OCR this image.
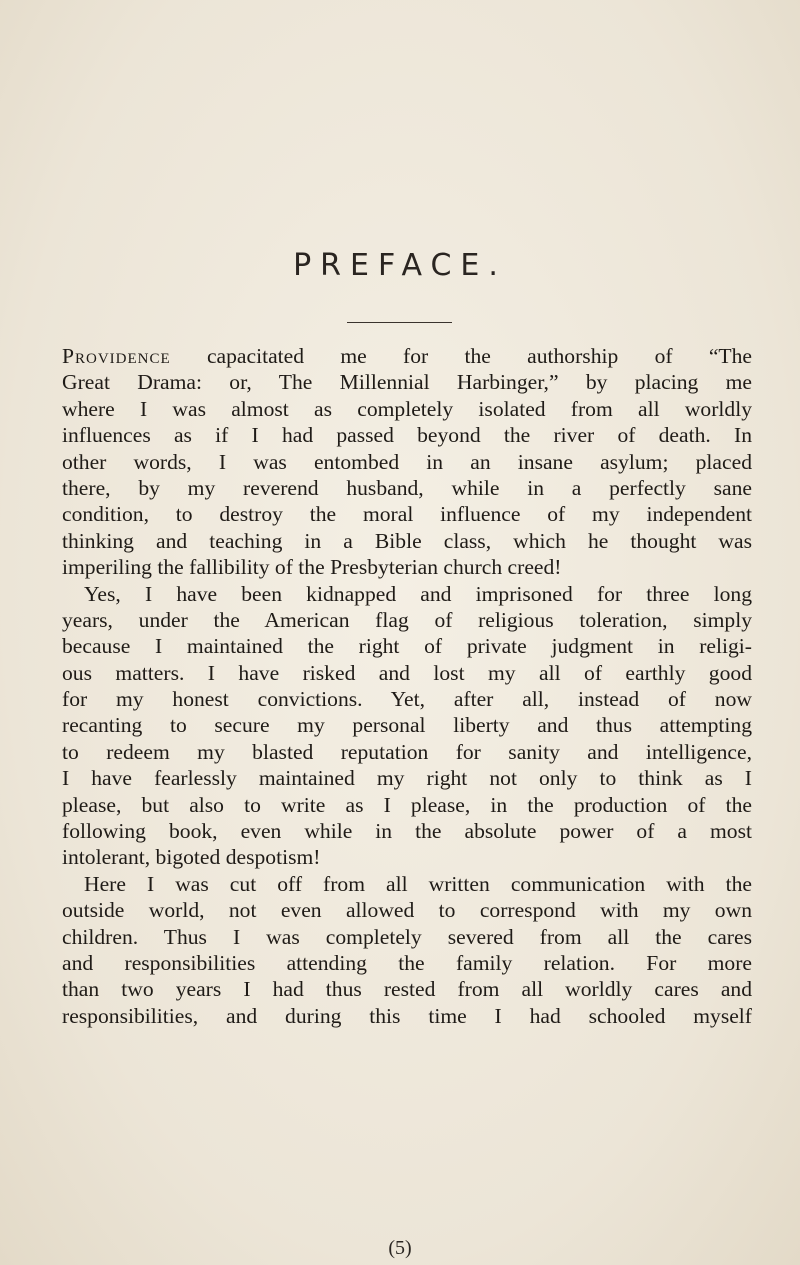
PREFACE.
Providence capacitated me for the authorship of “The
Great Drama: or, The Millennial Harbinger,” by placing me
where I was almost as completely isolated from all worldly
influences as if I had passed beyond the river of death. In
other words, I was entombed in an insane asylum; placed
there, by my reverend husband, while in a perfectly sane
condition, to destroy the moral influence of my independent
thinking and teaching in a Bible class, which he thought was
imperiling the fallibility of the Presbyterian church creed!
Yes, I have been kidnapped and imprisoned for three long
years, under the American flag of religious toleration, simply
because I maintained the right of private judgment in religi-
ous matters. I have risked and lost my all of earthly good
for my honest convictions. Yet, after all, instead of now
recanting to secure my personal liberty and thus attempting
to redeem my blasted reputation for sanity and intelligence,
I have fearlessly maintained my right not only to think as I
please, but also to write as I please, in the production of the
following book, even while in the absolute power of a most
intolerant, bigoted despotism!
Here I was cut off from all written communication with the
outside world, not even allowed to correspond with my own
children. Thus I was completely severed from all the cares
and responsibilities attending the family relation. For more
than two years I had thus rested from all worldly cares and
responsibilities, and during this time I had schooled myself
(5)
